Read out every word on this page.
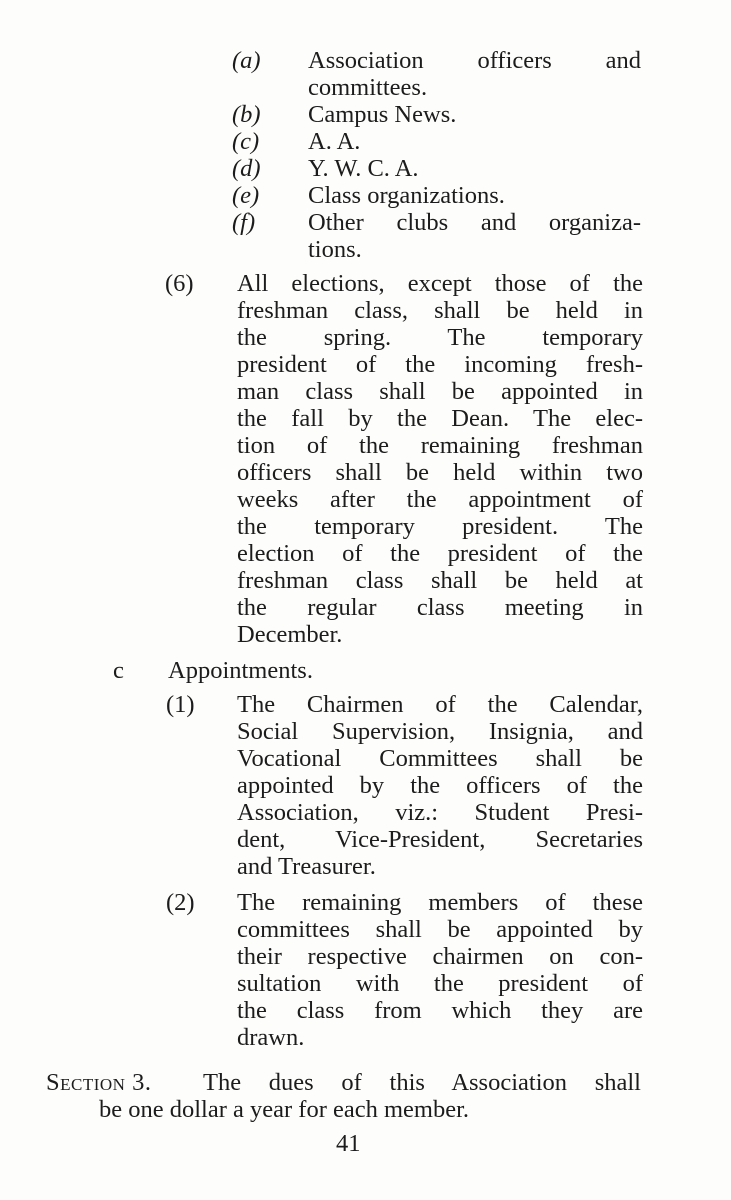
(a) Association officers and
committees.
(b) Campus News.
(c) A. A.
(d) Y. W. C. A.
(e) Class organizations.
(f) Other clubs and organiza-
tions.
(6) All elections, except those of the
freshman class, shall be held in
the spring. The temporary
president of the incoming fresh-
man class shall be appointed in
the fall by the Dean. The elec-
tion of the remaining freshman
officers shall be held within two
weeks after the appointment of
the temporary president. The
election of the president of the
freshman class shall be held at
the regular class meeting in
December.
c Appointments.
(1) The Chairmen of the Calendar,
Social Supervision, Insignia, and
Vocational Committees shall be
appointed by the officers of the
Association, viz.: Student Presi-
dent, Vice-President, Secretaries
and Treasurer.
(2) The remaining members of these
committees shall be appointed by
their respective chairmen on con-
sultation with the president of
the class from which they are
drawn.
Section 3. The dues of this Association shall
be one dollar a year for each member.
41
